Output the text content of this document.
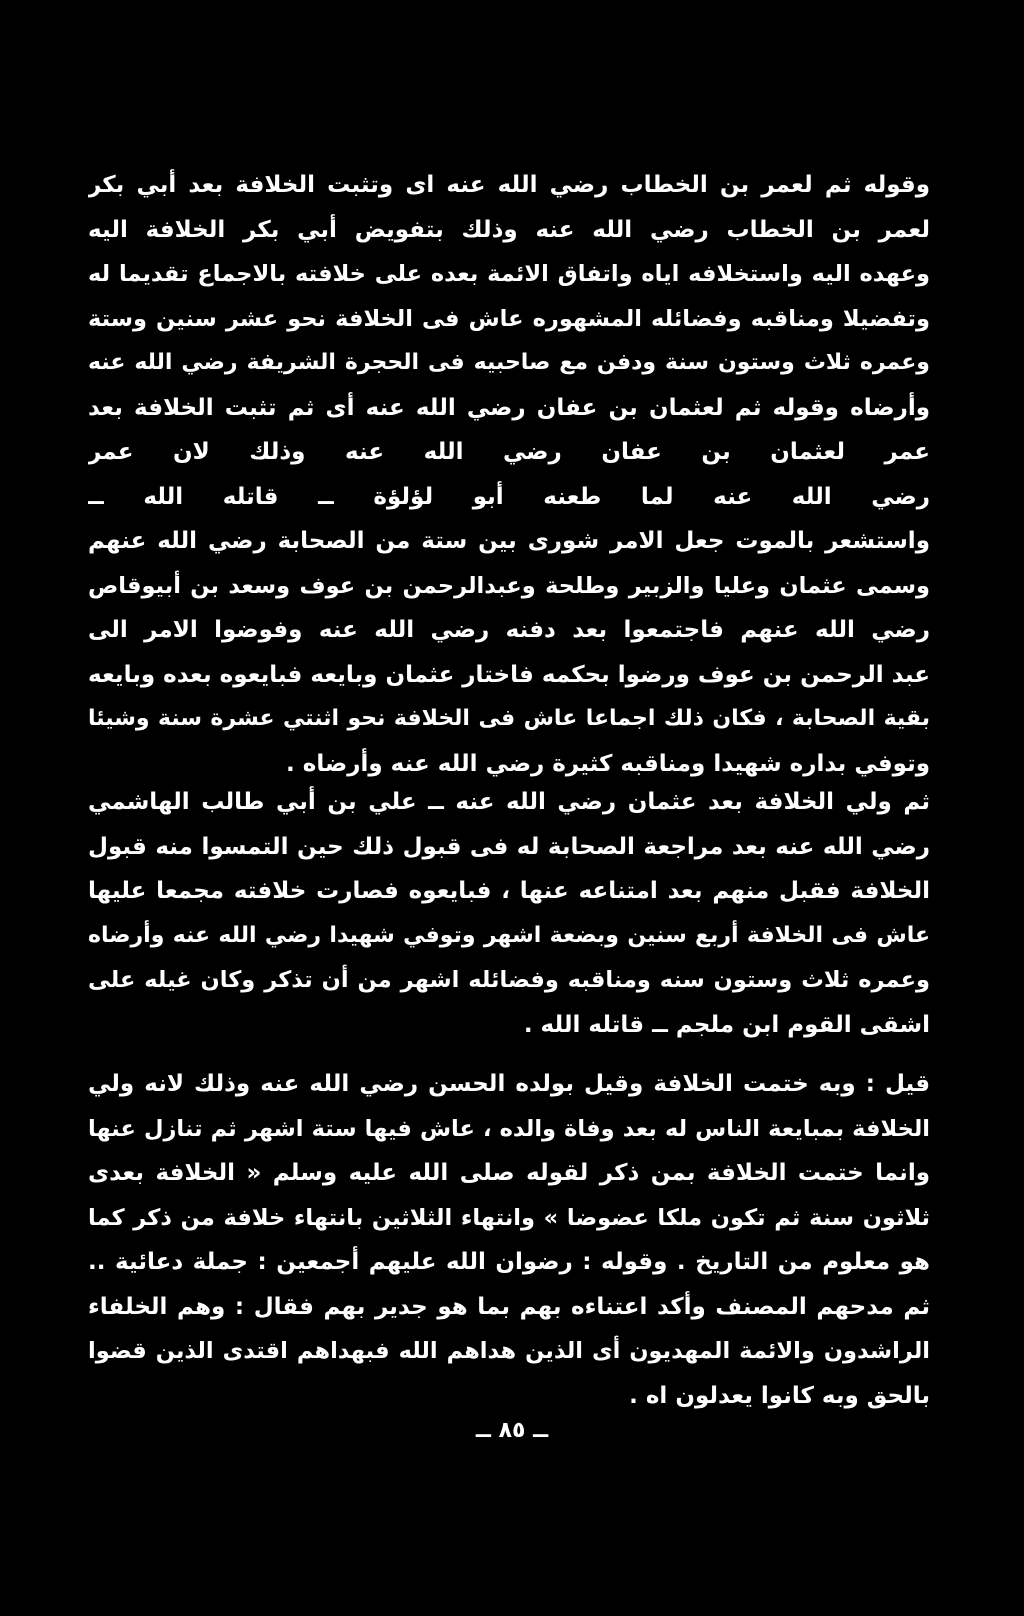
وقوله ثم لعمر بن الخطاب رضي الله عنه اى وتثبت الخلافة بعد أبي بكر
لعمر بن الخطاب رضي الله عنه وذلك بتفويض أبي بكر الخلافة اليه
وعهده اليه واستخلافه اياه واتفاق الائمة بعده على خلافته بالاجماع تقديما له
وتفضيلا ومناقبه وفضائله المشهوره عاش فى الخلافة نحو عشر سنين وستة
وعمره ثلاث وستون سنة ودفن مع صاحبيه فى الحجرة الشريفة رضي الله عنه
وأرضاه وقوله ثم لعثمان بن عفان رضي الله عنه أى ثم تثبت الخلافة بعد
عمر لعثمان بن عفان رضي الله عنه وذلك لان عمر
رضي الله عنه لما طعنه أبو لؤلؤة ــ قاتله الله ــ
واستشعر بالموت جعل الامر شورى بين ستة من الصحابة رضي الله عنهم
وسمى عثمان وعليا والزبير وطلحة وعبدالرحمن بن عوف وسعد بن أبيوقاص
رضي الله عنهم فاجتمعوا بعد دفنه رضي الله عنه وفوضوا الامر الى
عبد الرحمن بن عوف ورضوا بحكمه فاختار عثمان وبايعه فبايعوه بعده وبايعه
بقية الصحابة ، فكان ذلك اجماعا عاش فى الخلافة نحو اثنتي عشرة سنة وشيئا
وتوفي بداره شهيدا ومناقبه كثيرة رضي الله عنه وأرضاه .
ثم ولي الخلافة بعد عثمان رضي الله عنه ــ علي بن أبي طالب الهاشمي
رضي الله عنه بعد مراجعة الصحابة له فى قبول ذلك حين التمسوا منه قبول
الخلافة فقبل منهم بعد امتناعه عنها ، فبايعوه فصارت خلافته مجمعا عليها
عاش فى الخلافة أربع سنين وبضعة اشهر وتوفي شهيدا رضي الله عنه وأرضاه
وعمره ثلاث وستون سنه ومناقبه وفضائله اشهر من أن تذكر وكان غيله على
اشقى القوم ابن ملجم ــ قاتله الله .
قيل : وبه ختمت الخلافة وقيل بولده الحسن رضي الله عنه وذلك لانه ولي
الخلافة بمبايعة الناس له بعد وفاة والده ، عاش فيها ستة اشهر ثم تنازل عنها
وانما ختمت الخلافة بمن ذكر لقوله صلى الله عليه وسلم « الخلافة بعدى
ثلاثون سنة ثم تكون ملكا عضوضا » وانتهاء الثلاثين بانتهاء خلافة من ذكر كما
هو معلوم من التاريخ . وقوله : رضوان الله عليهم أجمعين : جملة دعائية ..
ثم مدحهم المصنف وأكد اعتناءه بهم بما هو جدير بهم فقال : وهم الخلفاء
الراشدون والائمة المهديون أى الذين هداهم الله فبهداهم اقتدى الذين قضوا
بالحق وبه كانوا يعدلون اه .
ــ ٨٥ ــ
